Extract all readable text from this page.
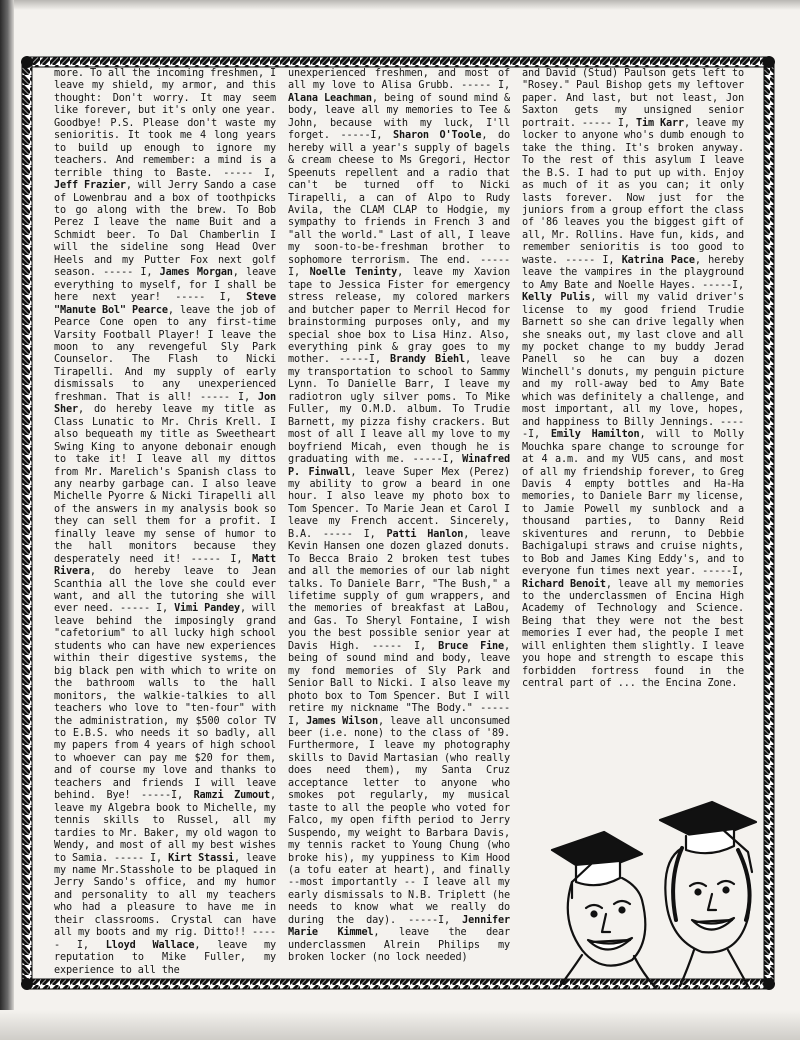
more. To all the incoming freshmen, I leave my shield, my armor, and this thought: Don't worry. It may seem like forever, but it's only one year. Goodbye! P.S. Please don't waste my senioritis. It took me 4 long years to build up enough to ignore my teachers. And remember: a mind is a terrible thing to Baste. ----- I, Jeff Frazier, will Jerry Sando a case of Lowenbrau and a box of toothpicks to go along with the brew. To Bob Perez I leave the name Buit and a Schmidt beer. To Dal Chamberlin I will the sideline song Head Over Heels and my Putter Fox next golf season. ----- I, James Morgan, leave everything to myself, for I shall be here next year! ----- I, Steve "Manute Bol" Pearce, leave the job of Pearce Cone open to any first-time Varsity Football Player! I leave the moon to any revengeful Sly Park Counselor. The Flash to Nicki Tirapelli. And my supply of early dismissals to any unexperienced freshman. That is all! ----- I, Jon Sher, do hereby leave my title as Class Lunatic to Mr. Chris Krell. I also bequeath my title as Sweetheart Swing King to anyone debonair enough to take it! I leave all my dittos from Mr. Marelich's Spanish class to any nearby garbage can. I also leave Michelle Pyorre & Nicki Tirapelli all of the answers in my analysis book so they can sell them for a profit. I finally leave my sense of humor to the hall monitors because they desperately need it! ----- I, Matt Rivera, do hereby leave to Jean Scanthia all the love she could ever want, and all the tutoring she will ever need. ----- I, Vimi Pandey, will leave behind the imposingly grand "cafetorium" to all lucky high school students who can have new experiences within their digestive systems, the big black pen with which to write on the bathroom walls to the hall monitors, the walkie-talkies to all teachers who love to "ten-four" with the administration, my $500 color TV to E.B.S. who needs it so badly, all my papers from 4 years of high school to whoever can pay me $20 for them, and of course my love and thanks to teachers and friends I will leave behind. Bye! -----I, Ramzi Zumout, leave my Algebra book to Michelle, my tennis skills to Russel, all my tardies to Mr. Baker, my old wagon to Wendy, and most of all my best wishes to Samia. ----- I, Kirt Stassi, leave my name Mr.Stasshole to be plaqued in Jerry Sando's office, and my humor and personality to all my teachers who had a pleasure to have me in their classrooms. Crystal can have all my boots and my rig. Ditto!! ----- I, Lloyd Wallace, leave my reputation to Mike Fuller, my experience to all the

unexperienced freshmen, and most of all my love to Alisa Grubb. ----- I, Alana Leachman, being of sound mind & body, leave all my memories to Tee & John, because with my luck, I'll forget. -----I, Sharon O'Toole, do hereby will a year's supply of bagels & cream cheese to Ms Gregori, Hector Speenuts repellent and a radio that can't be turned off to Nicki Tirapelli, a can of Alpo to Rudy Avila, the CLAM CLAP to Hodgie, my sympathy to friends in French 3 and "all the world." Last of all, I leave my soon-to-be-freshman brother to sophomore terrorism. The end. ----- I, Noelle Teninty, leave my Xavion tape to Jessica Fister for emergency stress release, my colored markers and butcher paper to Merril Hecod for brainstorming purposes only, and my special shoe box to Lisa Hinz. Also, everything pink & gray goes to my mother. -----I, Brandy Biehl, leave my transportation to school to Sammy Lynn. To Danielle Barr, I leave my radiotron ugly silver poms. To Mike Fuller, my O.M.D. album. To Trudie Barnett, my pizza fishy crackers. But most of all I leave all my love to my boyfriend Micah, even though he is graduating with me. -----I, Winafred P. Finwall, leave Super Mex (Perez) my ability to grow a beard in one hour. I also leave my photo box to Tom Spencer. To Marie Jean et Carol I leave my French accent. Sincerely, B.A. ----- I, Patti Hanlon, leave Kevin Hansen one dozen glazed donuts. To Becca Braio 2 broken test tubes and all the memories of our lab night talks. To Daniele Barr, "The Bush," a lifetime supply of gum wrappers, and the memories of breakfast at LaBou, and Gas. To Sheryl Fontaine, I wish you the best possible senior year at Davis High. ----- I, Bruce Fine, being of sound mind and body, leave my fond memories of Sly Park and Senior Ball to Nicki. I also leave my photo box to Tom Spencer. But I will retire my nickname "The Body." ----- I, James Wilson, leave all unconsumed beer (i.e. none) to the class of '89. Furthermore, I leave my photography skills to David Martasian (who really does need them), my Santa Cruz acceptance letter to anyone who smokes pot regularly, my musical taste to all the people who voted for Falco, my open fifth period to Jerry Suspendo, my weight to Barbara Davis, my tennis racket to Young Chung (who broke his), my yuppiness to Kim Hood (a tofu eater at heart), and finally --most importantly -- I leave all my early dismissals to N.B. Triplett (he needs to know what we really do during the day). -----I, Jennifer Marie Kimmel, leave the dear underclassmen Alrein Philips my broken locker (no lock needed)

and David (Stud) Paulson gets left to "Rosey." Paul Bishop gets my leftover paper. And last, but not least, Jon Saxton gets my unsigned senior portrait. ----- I, Tim Karr, leave my locker to anyone who's dumb enough to take the thing. It's broken anyway. To the rest of this asylum I leave the B.S. I had to put up with. Enjoy as much of it as you can; it only lasts forever. Now just for the juniors from a group effort the class of '86 leaves you the biggest gift of all, Mr. Rollins. Have fun, kids, and remember senioritis is too good to waste. ----- I, Katrina Pace, hereby leave the vampires in the playground to Amy Bate and Noelle Hayes. -----I, Kelly Pulis, will my valid driver's license to my good friend Trudie Barnett so she can drive legally when she sneaks out, my last clove and all my pocket change to my buddy Jerad Panell so he can buy a dozen Winchell's donuts, my penguin picture and my roll-away bed to Amy Bate which was definitely a challenge, and most important, all my love, hopes, and happiness to Billy Jennings. -----I, Emily Hamilton, will to Molly Mouchka spare change to scrounge for at 4 a.m. and my VU5 cans, and most of all my friendship forever, to Greg Davis 4 empty bottles and Ha-Ha memories, to Daniele Barr my license, to Jamie Powell my sunblock and a thousand parties, to Danny Reid skiventures and rerunn, to Debbie Bachigalupi straws and cruise nights, to Bob and James King Eddy's, and to everyone fun times next year. -----I, Richard Benoit, leave all my memories to the underclassmen of Encina High Academy of Technology and Science. Being that they were not the best memories I ever had, the people I met will enlighten them slightly. I leave you hope and strength to escape this forbidden fortress found in the central part of ... the Encina Zone.
